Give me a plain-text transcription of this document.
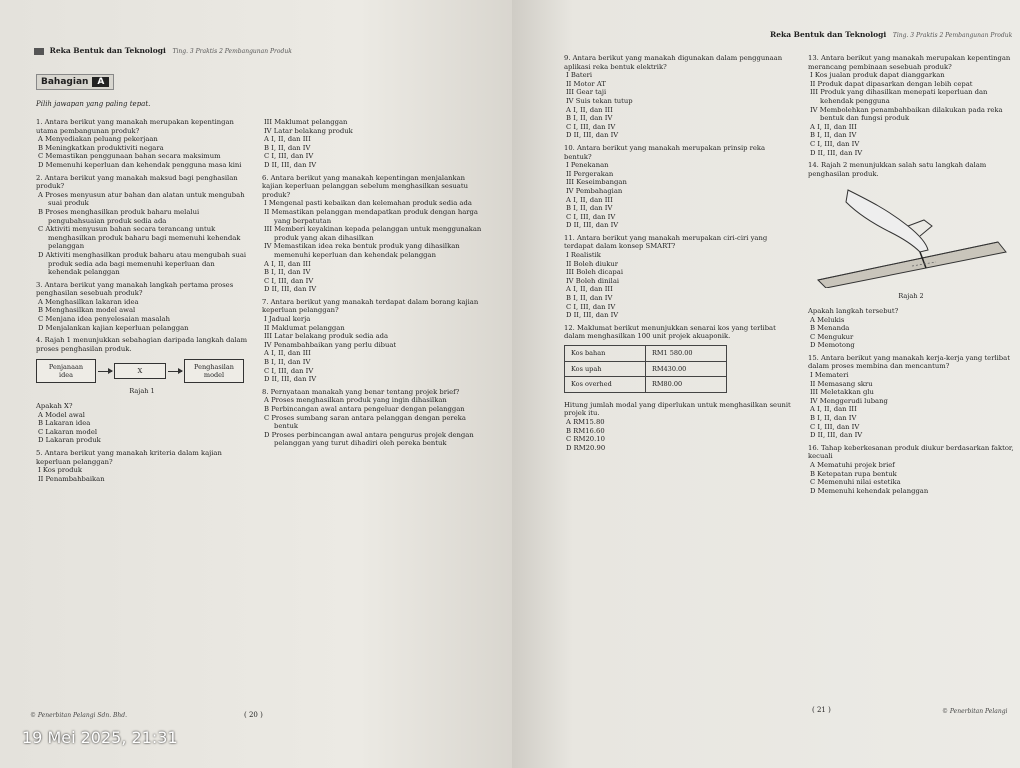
Reka Bentuk dan Teknologi Ting. 3 Praktis 2 Pembangunan Produk
Bahagian A
Pilih jawapan yang paling tepat.
1. Antara berikut yang manakah merupakan kepentingan utama pembangunan produk?
A Menyediakan peluang pekerjaan
B Meningkatkan produktiviti negara
C Memastikan penggunaan bahan secara maksimum
D Memenuhi keperluan dan kehendak pengguna masa kini
2. Antara berikut yang manakah maksud bagi penghasilan produk?
A Proses menyusun atur bahan dan alatan untuk mengubah suai produk
B Proses menghasilkan produk baharu melalui pengubahsuaian produk sedia ada
C Aktiviti menyusun bahan secara terancang untuk menghasilkan produk baharu bagi memenuhi kehendak pelanggan
D Aktiviti menghasilkan produk baharu atau mengubah suai produk sedia ada bagi memenuhi keperluan dan kehendak pelanggan
3. Antara berikut yang manakah langkah pertama proses penghasilan sesebuah produk?
A Menghasilkan lakaran idea
B Menghasilkan model awal
C Menjana idea penyelesaian masalah
D Menjalankan kajian keperluan pelanggan
4. Rajah 1 menunjukkan sebahagian daripada langkah dalam proses penghasilan produk.
Penjanaan idea	X	Penghasilan model
Rajah 1
Apakah X?
A Model awal
B Lakaran idea
C Lakaran model
D Lakaran produk
5. Antara berikut yang manakah kriteria dalam kajian keperluan pelanggan?
I Kos produk
II Penambahbaikan
III Maklumat pelanggan
IV Latar belakang produk
A I, II, dan III
B I, II, dan IV
C I, III, dan IV
D II, III, dan IV
6. Antara berikut yang manakah kepentingan menjalankan kajian keperluan pelanggan sebelum menghasilkan sesuatu produk?
I Mengenal pasti kebaikan dan kelemahan produk sedia ada
II Memastikan pelanggan mendapatkan produk dengan harga yang berpatutan
III Memberi keyakinan kepada pelanggan untuk menggunakan produk yang akan dihasilkan
IV Memastikan idea reka bentuk produk yang dihasilkan memenuhi keperluan dan kehendak pelanggan
A I, II, dan III
B I, II, dan IV
C I, III, dan IV
D II, III, dan IV
7. Antara berikut yang manakah terdapat dalam borang kajian keperluan pelanggan?
I Jadual kerja
II Maklumat pelanggan
III Latar belakang produk sedia ada
IV Penambahbaikan yang perlu dibuat
A I, II, dan III
B I, II, dan IV
C I, III, dan IV
D II, III, dan IV
8. Pernyataan manakah yang benar tentang projek brief?
A Proses menghasilkan produk yang ingin dihasilkan
B Perbincangan awal antara pengeluar dengan pelanggan
C Proses sumbang saran antara pelanggan dengan pereka bentuk
D Proses perbincangan awal antara pengurus projek dengan pelanggan yang turut dihadiri oleh pereka bentuk
© Penerbitan Pelangi Sdn. Bhd.	( 20 )
Reka Bentuk dan Teknologi Ting. 3 Praktis 2 Pembangunan Produk
9. Antara berikut yang manakah digunakan dalam penggunaan aplikasi reka bentuk elektrik?
I Bateri
II Motor AT
III Gear taji
IV Suis tekan tutup
A I, II, dan III
B I, II, dan IV
C I, III, dan IV
D II, III, dan IV
10. Antara berikut yang manakah merupakan prinsip reka bentuk?
I Penekanan
II Pergerakan
III Keseimbangan
IV Pembahagian
A I, II, dan III
B I, II, dan IV
C I, III, dan IV
D II, III, dan IV
11. Antara berikut yang manakah merupakan ciri-ciri yang terdapat dalam konsep SMART?
I Realistik
II Boleh diukur
III Boleh dicapai
IV Boleh dinilai
A I, II, dan III
B I, II, dan IV
C I, III, dan IV
D II, III, dan IV
12. Maklumat berikut menunjukkan senarai kos yang terlibat dalam menghasilkan 100 unit projek akuaponik.
Kos bahan	RM1 580.00
Kos upah	RM430.00
Kos overhed	RM80.00
Hitung jumlah modal yang diperlukan untuk menghasilkan seunit projek itu.
A RM15.80
B RM16.60
C RM20.10
D RM20.90
13. Antara berikut yang manakah merupakan kepentingan merancang pembinaan sesebuah produk?
I Kos jualan produk dapat dianggarkan
II Produk dapat dipasarkan dengan lebih cepat
III Produk yang dihasilkan menepati keperluan dan kehendak pengguna
IV Membolehkan penambahbaikan dilakukan pada reka bentuk dan fungsi produk
A I, II, dan III
B I, II, dan IV
C I, III, dan IV
D II, III, dan IV
14. Rajah 2 menunjukkan salah satu langkah dalam penghasilan produk.
Rajah 2
Apakah langkah tersebut?
A Melukis
B Menanda
C Mengukur
D Memotong
15. Antara berikut yang manakah kerja-kerja yang terlibat dalam proses membina dan mencantum?
I Memateri
II Memasang skru
III Meletakkan glu
IV Menggerudi lubang
A I, II, dan III
B I, II, dan IV
C I, III, dan IV
D II, III, dan IV
16. Tahap keberkesanan produk diukur berdasarkan faktor, kecuali
A Mematuhi projek brief
B Ketepatan rupa bentuk
C Memenuhi nilai estetika
D Memenuhi kehendak pelanggan
( 21 )	© Penerbitan Pelangi
19 Mei 2025, 21:31
